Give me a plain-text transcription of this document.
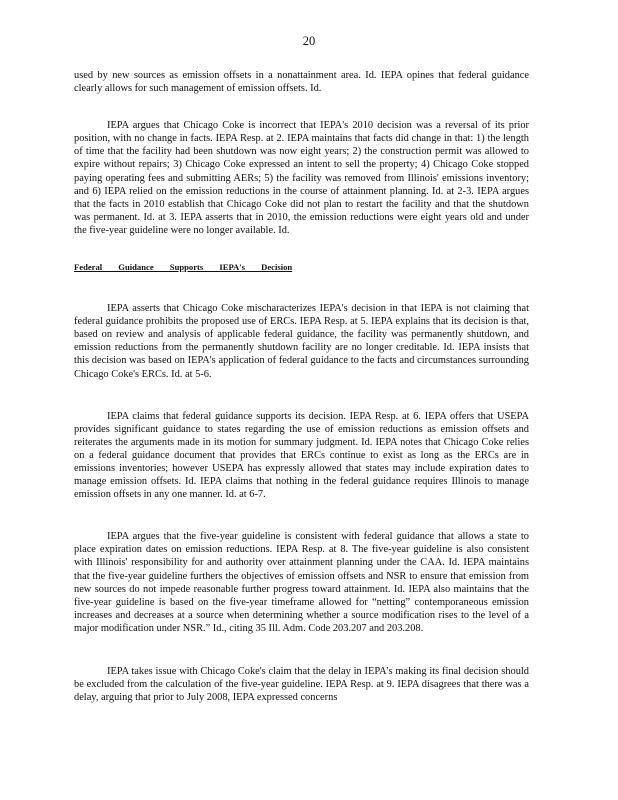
20

used by new sources as emission offsets in a nonattainment area. Id. IEPA opines that federal guidance clearly allows for such management of emission offsets. Id.

IEPA argues that Chicago Coke is incorrect that IEPA's 2010 decision was a reversal of its prior position, with no change in facts. IEPA Resp. at 2. IEPA maintains that facts did change in that: 1) the length of time that the facility had been shutdown was now eight years; 2) the construction permit was allowed to expire without repairs; 3) Chicago Coke expressed an intent to sell the property; 4) Chicago Coke stopped paying operating fees and submitting AERs; 5) the facility was removed from Illinois' emissions inventory; and 6) IEPA relied on the emission reductions in the course of attainment planning. Id. at 2-3. IEPA argues that the facts in 2010 establish that Chicago Coke did not plan to restart the facility and that the shutdown was permanent. Id. at 3. IEPA asserts that in 2010, the emission reductions were eight years old and under the five-year guideline were no longer available. Id.

Federal Guidance Supports IEPA's Decision

IEPA asserts that Chicago Coke mischaracterizes IEPA's decision in that IEPA is not claiming that federal guidance prohibits the proposed use of ERCs. IEPA Resp. at 5. IEPA explains that its decision is that, based on review and analysis of applicable federal guidance, the facility was permanently shutdown, and emission reductions from the permanently shutdown facility are no longer creditable. Id. IEPA insists that this decision was based on IEPA's application of federal guidance to the facts and circumstances surrounding Chicago Coke's ERCs. Id. at 5-6.

IEPA claims that federal guidance supports its decision. IEPA Resp. at 6. IEPA offers that USEPA provides significant guidance to states regarding the use of emission reductions as emission offsets and reiterates the arguments made in its motion for summary judgment. Id. IEPA notes that Chicago Coke relies on a federal guidance document that provides that ERCs continue to exist as long as the ERCs are in emissions inventories; however USEPA has expressly allowed that states may include expiration dates to manage emission offsets. Id. IEPA claims that nothing in the federal guidance requires Illinois to manage emission offsets in any one manner. Id. at 6-7.

IEPA argues that the five-year guideline is consistent with federal guidance that allows a state to place expiration dates on emission reductions. IEPA Resp. at 8. The five-year guideline is also consistent with Illinois' responsibility for and authority over attainment planning under the CAA. Id. IEPA maintains that the five-year guideline furthers the objectives of emission offsets and NSR to ensure that emission from new sources do not impede reasonable further progress toward attainment. Id. IEPA also maintains that the five-year guideline is based on the five-year timeframe allowed for “netting” contemporaneous emission increases and decreases at a source when determining whether a source modification rises to the level of a major modification under NSR.” Id., citing 35 Ill. Adm. Code 203.207 and 203.208.

IEPA takes issue with Chicago Coke's claim that the delay in IEPA's making its final decision should be excluded from the calculation of the five-year guideline. IEPA Resp. at 9. IEPA disagrees that there was a delay, arguing that prior to July 2008, IEPA expressed concerns
